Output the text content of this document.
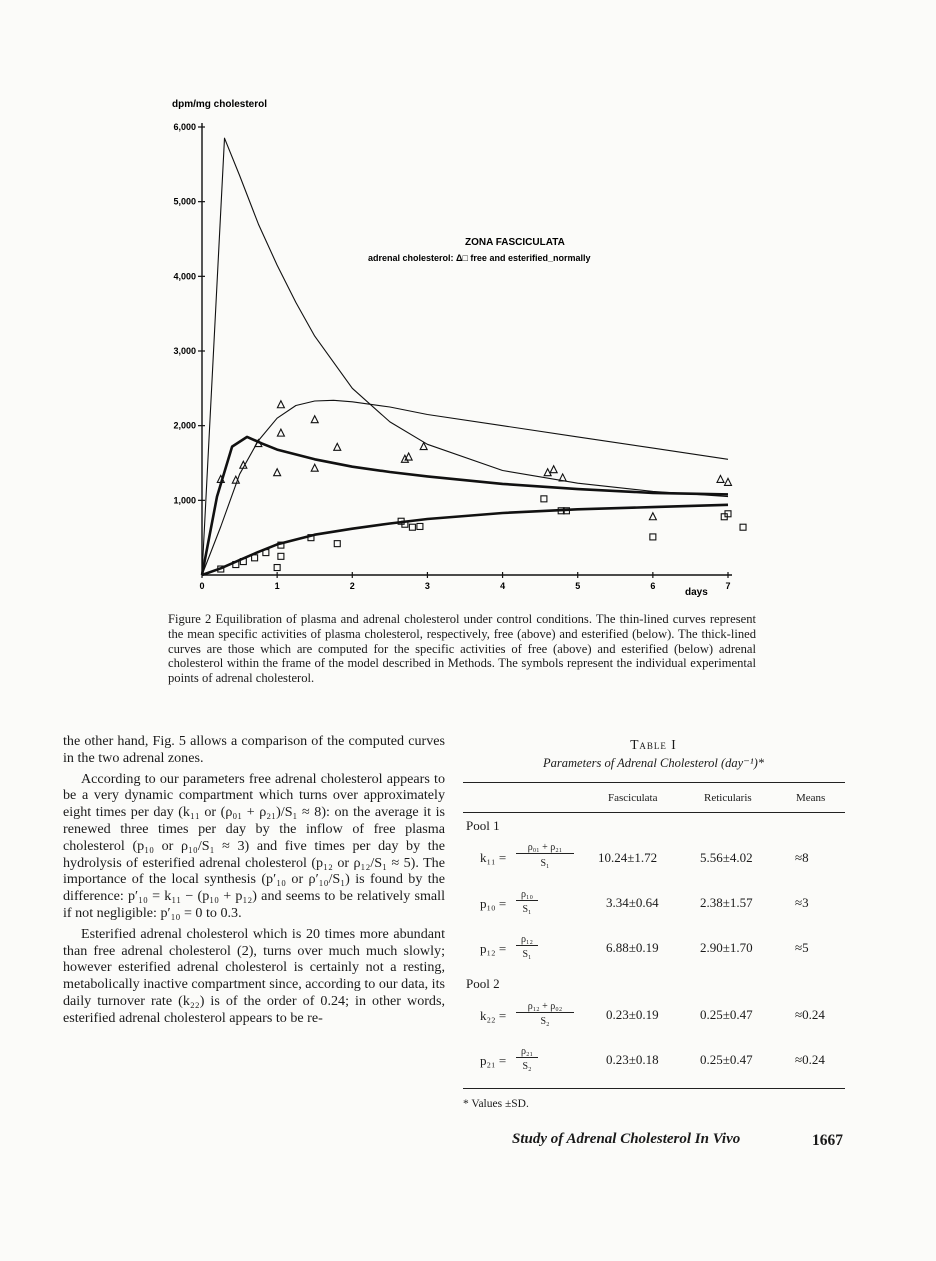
dpm/mg cholesterol
ZONA FASCICULATA
adrenal cholesterol: Δ□ free and esterified_normally
days
1,000
2,000
3,000
4,000
5,000
6,000
0	1	2	3	4	5	6	7
Figure 2 Equilibration of plasma and adrenal cholesterol under control conditions. The thin-lined curves represent the mean specific activities of plasma cholesterol, respectively, free (above) and esterified (below). The thick-lined curves are those which are computed for the specific activities of free (above) and esterified (below) adrenal cholesterol within the frame of the model described in Methods. The symbols represent the individual experimental points of adrenal cholesterol.

the other hand, Fig. 5 allows a comparison of the computed curves in the two adrenal zones.

According to our parameters free adrenal cholesterol appears to be a very dynamic compartment which turns over approximately eight times per day (k₁₁ or (ρ₀₁ + ρ₂₁)/S₁ ≈ 8): on the average it is renewed three times per day by the inflow of free plasma cholesterol (p₁₀ or ρ₁₀/S₁ ≈ 3) and five times per day by the hydrolysis of esterified adrenal cholesterol (p₁₂ or ρ₁₂/S₁ ≈ 5). The importance of the local synthesis (p′₁₀ or ρ′₁₀/S₁) is found by the difference: p′₁₀ = k₁₁ − (p₁₀ + p₁₂) and seems to be relatively small if not negligible: p′₁₀ = 0 to 0.3.

Esterified adrenal cholesterol which is 20 times more abundant than free adrenal cholesterol (2), turns over much much slowly; however esterified adrenal cholesterol is certainly not a resting, metabolically inactive compartment since, according to our data, its daily turnover rate (k₂₂) is of the order of 0.24; in other words, esterified adrenal cholesterol appears to be re-

Table I
Parameters of Adrenal Cholesterol (day⁻¹)*
Fasciculata	Reticularis	Means
Pool 1
k₁₁ =
ρ₀₁ + ρ₂₁
S₁	10.24±1.72	5.56±4.02	≈8
p₁₀ =
ρ₁₀
S₁	3.34±0.64	2.38±1.57	≈3
p₁₂ =
ρ₁₂
S₁	6.88±0.19	2.90±1.70	≈5
Pool 2
k₂₂ =
ρ₁₂ + ρ₀₂
S₂	0.23±0.19	0.25±0.47	≈0.24
p₂₁ =
ρ₂₁
S₂	0.23±0.18	0.25±0.47	≈0.24
* Values ±SD.
Study of Adrenal Cholesterol In Vivo	1667
